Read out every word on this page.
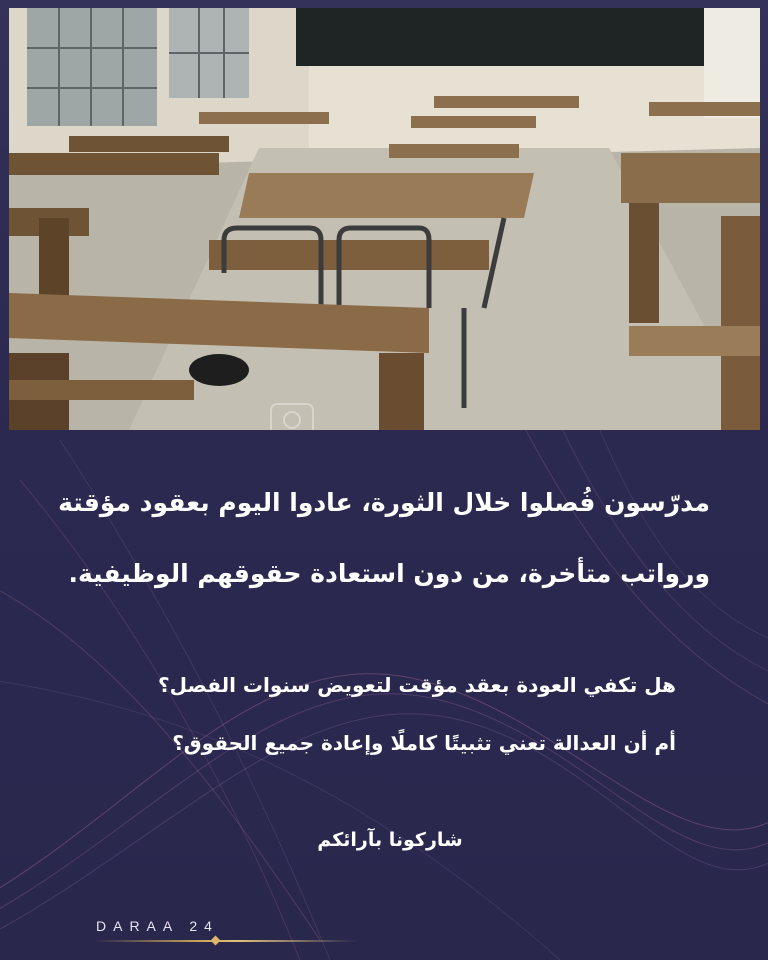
مدرّسون فُصلوا خلال الثورة، عادوا اليوم بعقود مؤقتة
ورواتب متأخرة، من دون استعادة حقوقهم الوظيفية.
هل تكفي العودة بعقد مؤقت لتعويض سنوات الفصل؟
أم أن العدالة تعني تثبيتًا كاملًا وإعادة جميع الحقوق؟
شاركونا بآرائكم
DARAA 24
